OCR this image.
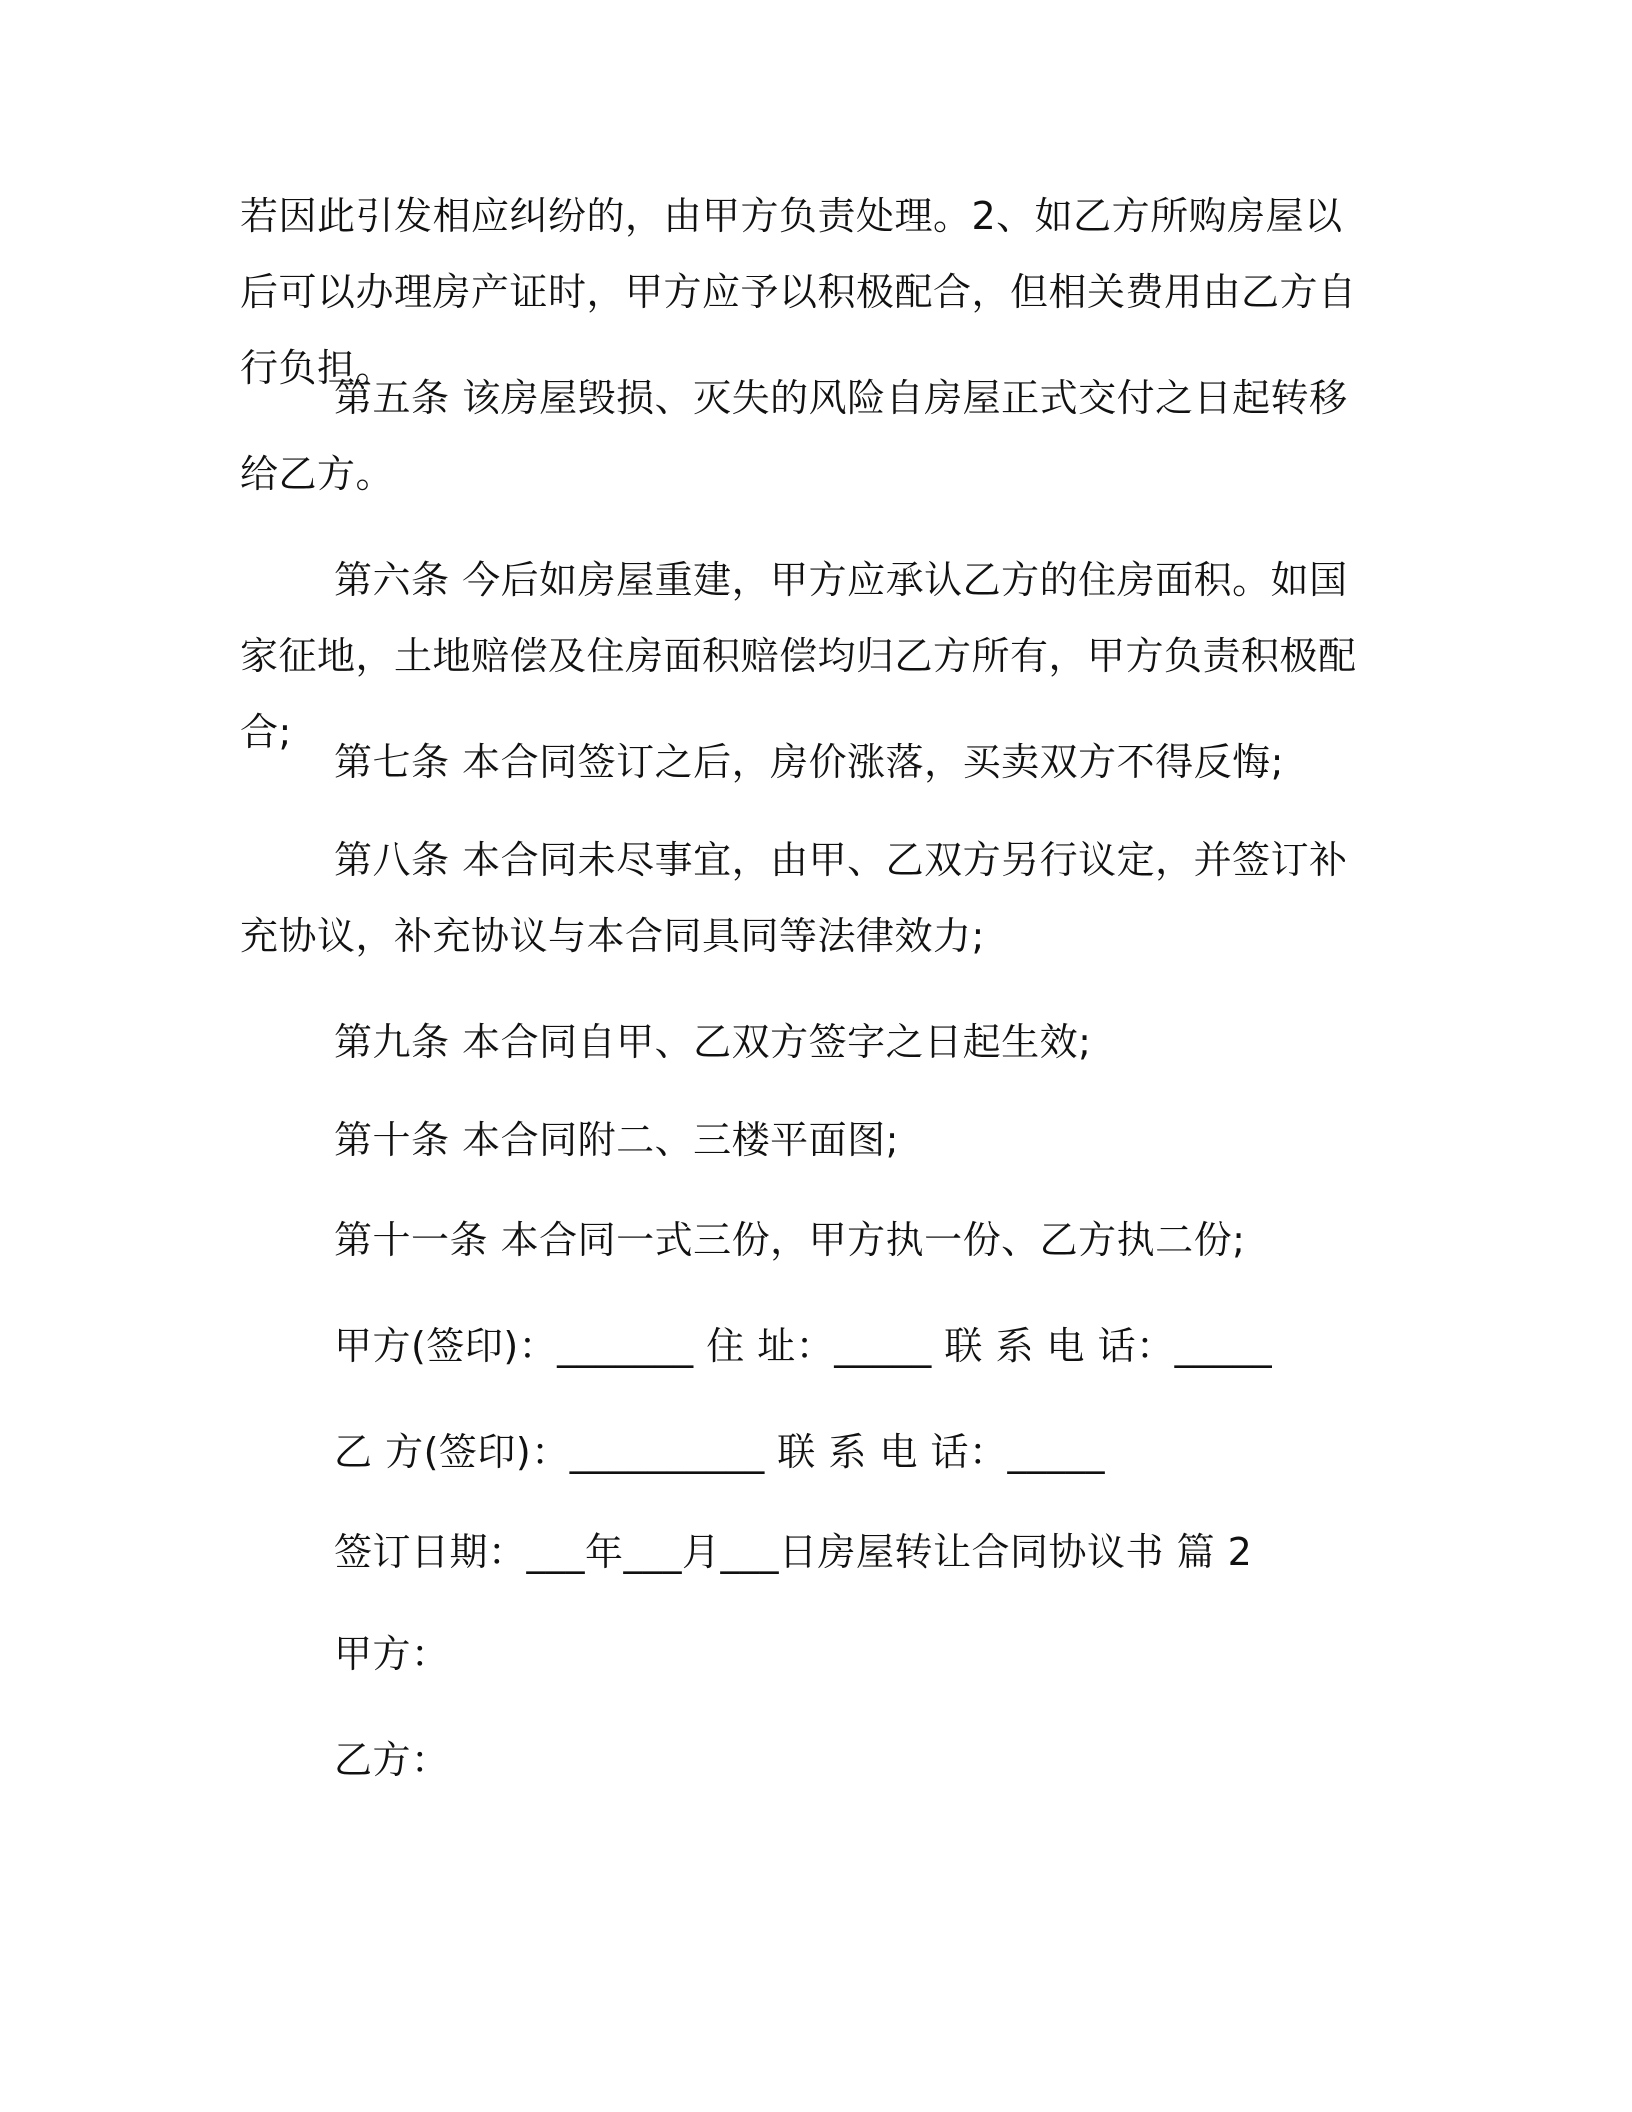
若因此引发相应纠纷的，由甲方负责处理。2、如乙方所购房屋以后可以办理房产证时，甲方应予以积极配合，但相关费用由乙方自行负担。
第五条 该房屋毁损、灭失的风险自房屋正式交付之日起转移给乙方。
第六条 今后如房屋重建，甲方应承认乙方的住房面积。如国家征地，土地赔偿及住房面积赔偿均归乙方所有，甲方负责积极配合;
第七条 本合同签订之后，房价涨落，买卖双方不得反悔;
第八条 本合同未尽事宜，由甲、乙双方另行议定，并签订补充协议，补充协议与本合同具同等法律效力;
第九条 本合同自甲、乙双方签字之日起生效;
第十条 本合同附二、三楼平面图;
第十一条 本合同一式三份，甲方执一份、乙方执二份;
甲方(签印)：_______ 住 址：_____ 联 系 电 话：_____
乙 方(签印)：__________ 联 系 电 话：_____
签订日期：___年___月___日房屋转让合同协议书 篇 2
甲方：
乙方：
